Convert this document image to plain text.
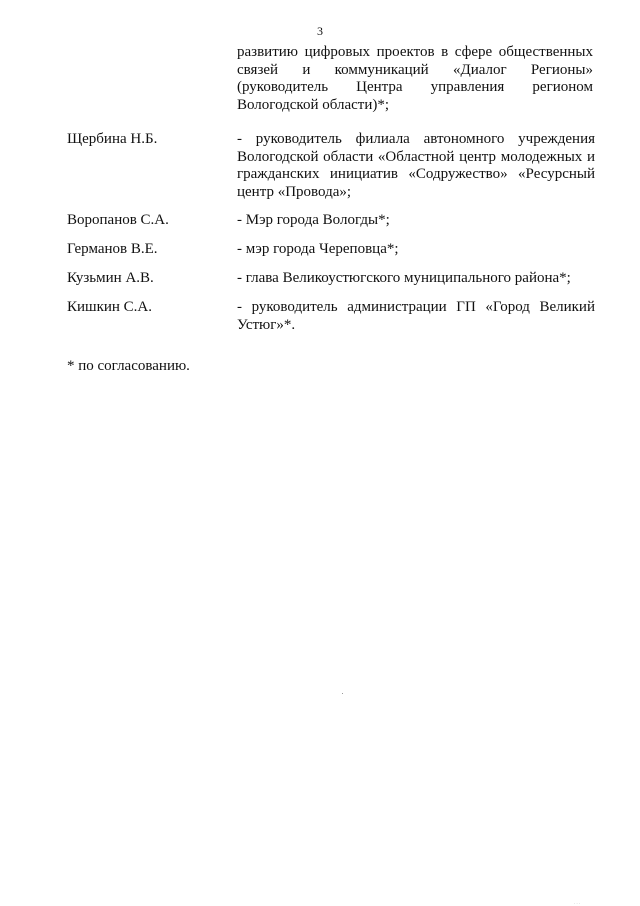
3
развитию цифровых проектов в сфере общественных связей и коммуникаций «Диалог Регионы» (руководитель Центра управления регионом Вологодской области)*;
Щербина Н.Б.	- руководитель филиала автономного учреждения Вологодской области «Областной центр молодежных и гражданских инициатив «Содружество» «Ресурсный центр «Провода»;
Воропанов С.А.	- Мэр города Вологды*;
Германов В.Е.	- мэр города Череповца*;
Кузьмин А.В.	- глава Великоустюгского муниципального района*;
Кишкин С.А.	- руководитель администрации ГП «Город Великий Устюг»*.
* по согласованию.
···
